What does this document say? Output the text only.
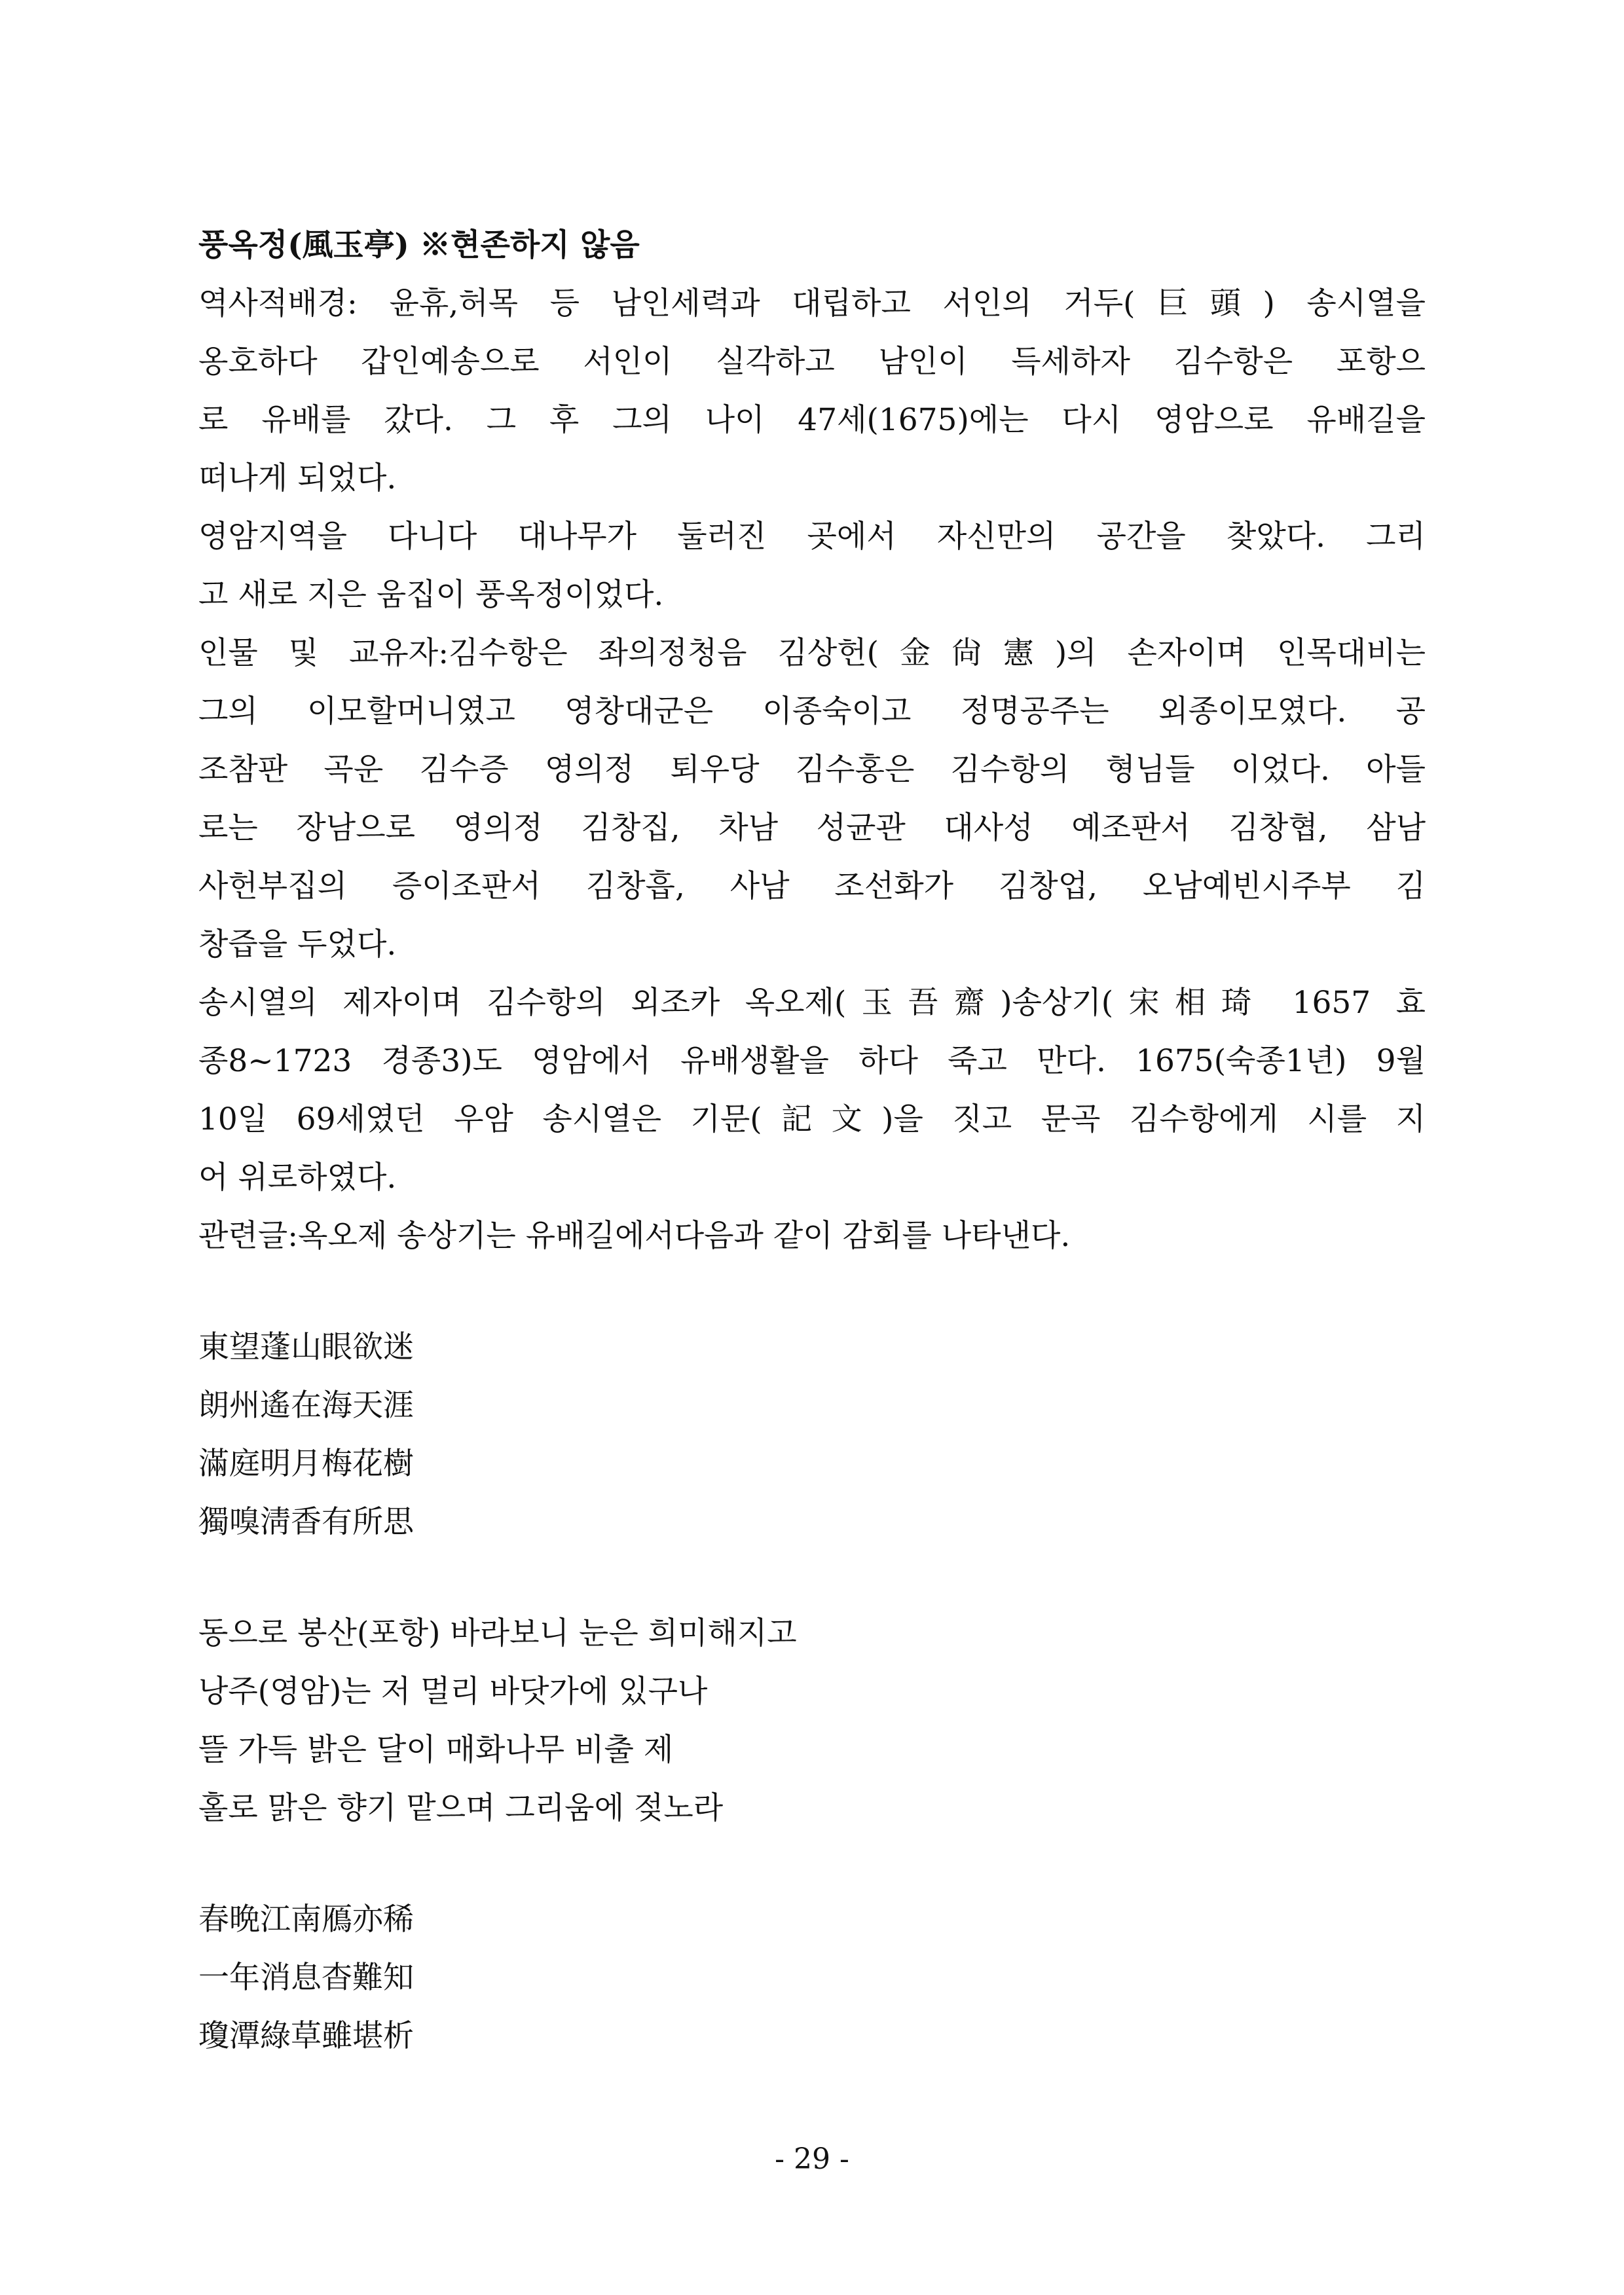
풍옥정(風玉亭) ※현존하지 않음

역사적배경: 윤휴,허목 등 남인세력과 대립하고 서인의 거두(巨頭) 송시열을

옹호하다 갑인예송으로 서인이 실각하고 남인이 득세하자 김수항은 포항으

로 유배를 갔다. 그 후 그의 나이 47세(1675)에는 다시 영암으로 유배길을

떠나게 되었다.

영암지역을 다니다 대나무가 둘러진 곳에서 자신만의 공간을 찾았다. 그리

고 새로 지은 움집이 풍옥정이었다.

인물 및 교유자:김수항은 좌의정청음 김상헌(金尙憲)의 손자이며 인목대비는

그의 이모할머니였고 영창대군은 이종숙이고 정명공주는 외종이모였다. 공

조참판 곡운 김수증 영의정 퇴우당 김수홍은 김수항의 형님들 이었다. 아들

로는 장남으로 영의정 김창집, 차남 성균관 대사성 예조판서 김창협, 삼남

사헌부집의 증이조판서 김창흡, 사남 조선화가 김창업, 오남예빈시주부 김

창즙을 두었다.

송시열의 제자이며 김수항의 외조카 옥오제(玉吾齋)송상기(宋相琦 1657 효

종8~1723 경종3)도 영암에서 유배생활을 하다 죽고 만다. 1675(숙종1년) 9월

10일 69세였던 우암 송시열은 기문(記文)을 짓고 문곡 김수항에게 시를 지

어 위로하였다.

관련글:옥오제 송상기는 유배길에서다음과 같이 감회를 나타낸다.

東望蓬山眼欲迷

朗州遙在海天涯

滿庭明月梅花樹

獨嗅淸香有所思

동으로 봉산(포항) 바라보니 눈은 희미해지고

낭주(영암)는 저 멀리 바닷가에 있구나

뜰 가득 밝은 달이 매화나무 비출 제

홀로 맑은 향기 맡으며 그리움에 젖노라

春晩江南鴈亦稀

一年消息杳難知

瓊潭綠草雖堪析

- 29 -
